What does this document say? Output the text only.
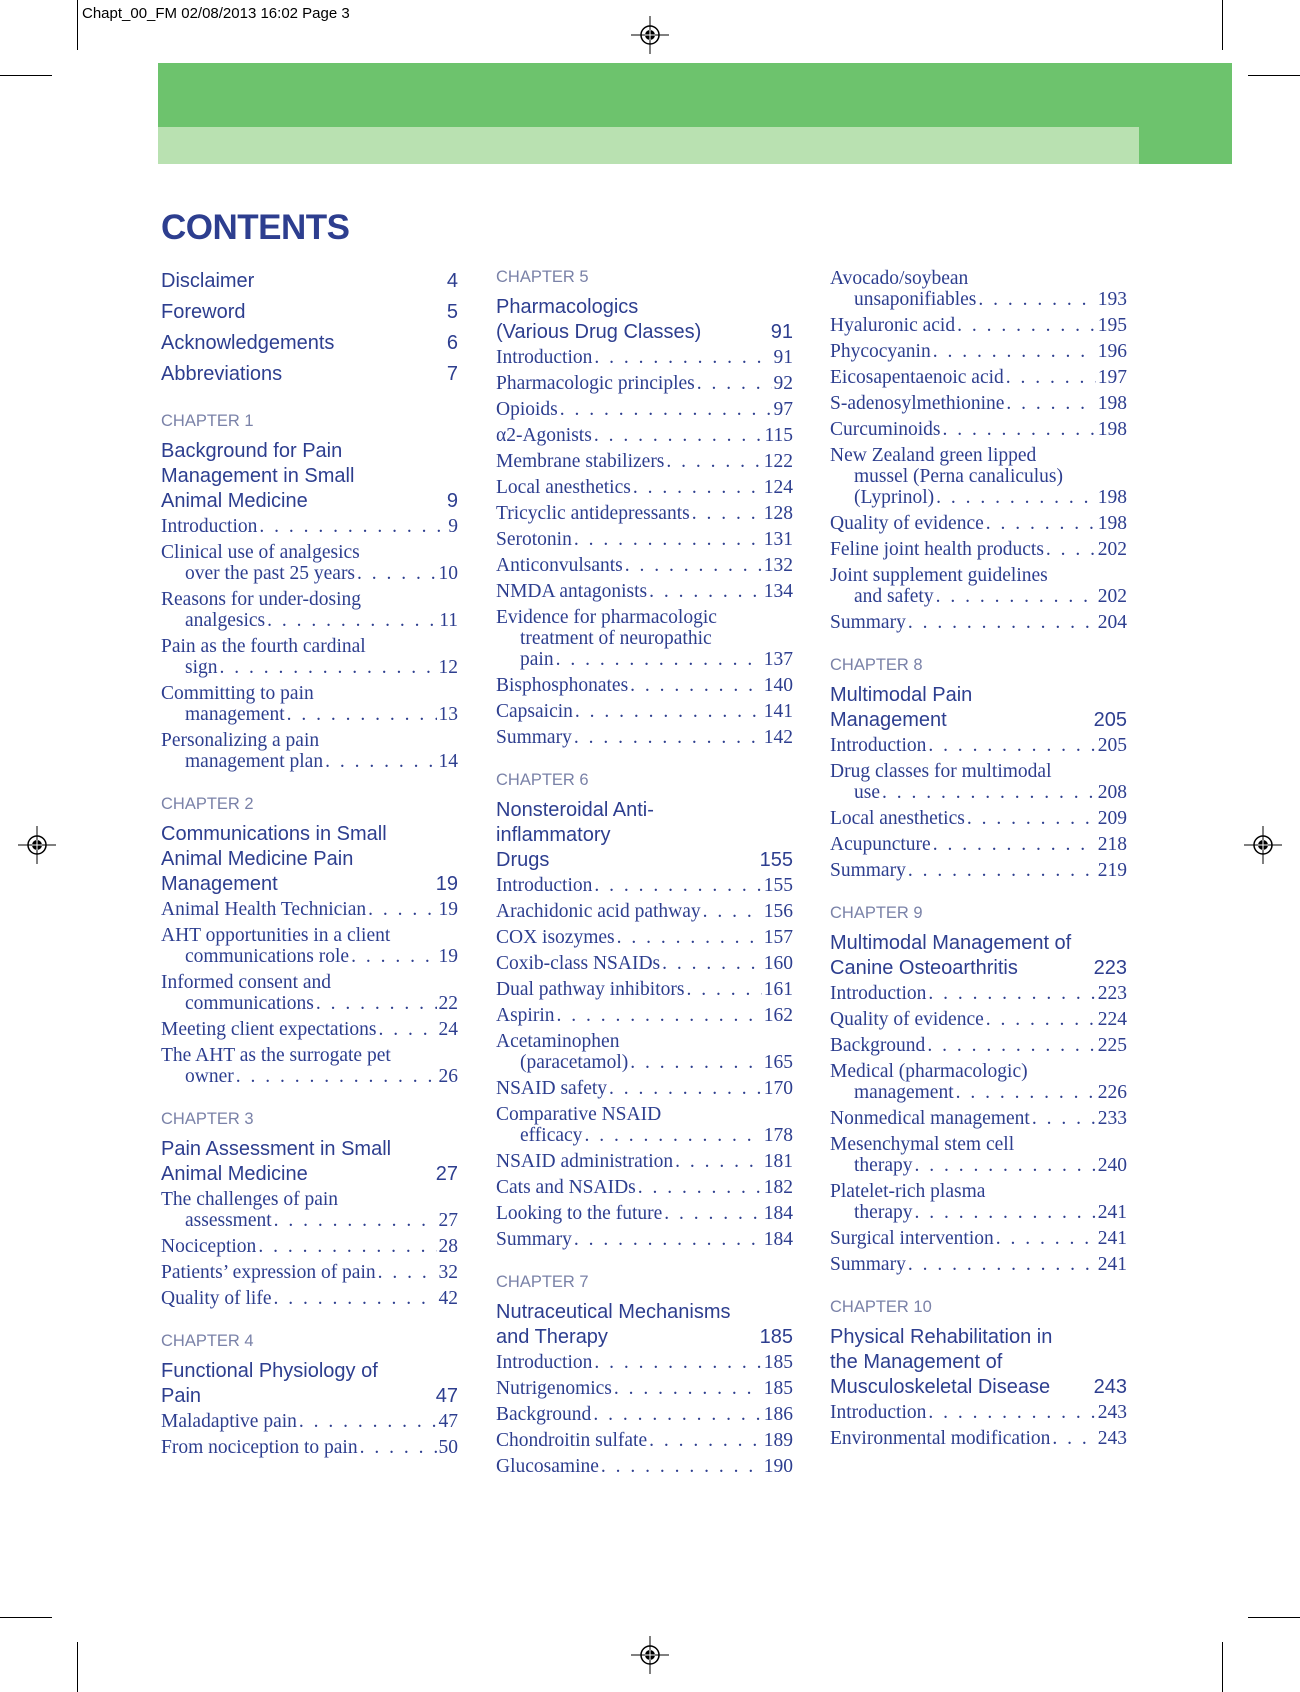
Chapt_00_FM 02/08/2013 16:02 Page 3
CONTENTS
Disclaimer	4
Foreword	5
Acknowledgements	6
Abbreviations	7
CHAPTER 1
Background for Pain
Management in Small
Animal Medicine	9
Introduction . . .	9
Clinical use of analgesics
over the past 25 years . . .	10
Reasons for under-dosing
analgesics . . .	11
Pain as the fourth cardinal
sign . . .	12
Committing to pain
management . . .	13
Personalizing a pain
management plan . . .	14
CHAPTER 2
Communications in Small
Animal Medicine Pain
Management	19
Animal Health Technician . . .	19
AHT opportunities in a client
communications role . . .	19
Informed consent and
communications . . .	22
Meeting client expectations . . .	24
The AHT as the surrogate pet
owner . . .	26
CHAPTER 3
Pain Assessment in Small
Animal Medicine	27
The challenges of pain
assessment . . .	27
Nociception . . .	28
Patients’ expression of pain . . .	32
Quality of life . . .	42
CHAPTER 4
Functional Physiology of
Pain	47
Maladaptive pain . . .	47
From nociception to pain . . .	50
CHAPTER 5
Pharmacologics
(Various Drug Classes)	91
Introduction . . .	91
Pharmacologic principles . . .	92
Opioids . . .	97
α2-Agonists . . .	115
Membrane stabilizers . . .	122
Local anesthetics . . .	124
Tricyclic antidepressants . . .	128
Serotonin . . .	131
Anticonvulsants . . .	132
NMDA antagonists . . .	134
Evidence for pharmacologic
treatment of neuropathic
pain . . .	137
Bisphosphonates . . .	140
Capsaicin . . .	141
Summary . . .	142
CHAPTER 6
Nonsteroidal Anti-inflammatory
Drugs	155
Introduction . . .	155
Arachidonic acid pathway . . .	156
COX isozymes . . .	157
Coxib-class NSAIDs . . .	160
Dual pathway inhibitors . . .	161
Aspirin . . .	162
Acetaminophen
(paracetamol) . . .	165
NSAID safety . . .	170
Comparative NSAID
efficacy . . .	178
NSAID administration . . .	181
Cats and NSAIDs . . .	182
Looking to the future . . .	184
Summary . . .	184
CHAPTER 7
Nutraceutical Mechanisms
and Therapy	185
Introduction . . .	185
Nutrigenomics . . .	185
Background . . .	186
Chondroitin sulfate . . .	189
Glucosamine . . .	190
Avocado/soybean
unsaponifiables . . .	193
Hyaluronic acid . . .	195
Phycocyanin . . .	196
Eicosapentaenoic acid . . .	197
S-adenosylmethionine . . .	198
Curcuminoids . . .	198
New Zealand green lipped
mussel (Perna canaliculus)
(Lyprinol) . . .	198
Quality of evidence . . .	198
Feline joint health products . . .	202
Joint supplement guidelines
and safety . . .	202
Summary . . .	204
CHAPTER 8
Multimodal Pain
Management	205
Introduction . . .	205
Drug classes for multimodal
use . . .	208
Local anesthetics . . .	209
Acupuncture . . .	218
Summary . . .	219
CHAPTER 9
Multimodal Management of
Canine Osteoarthritis	223
Introduction . . .	223
Quality of evidence . . .	224
Background . . .	225
Medical (pharmacologic)
management . . .	226
Nonmedical management . . .	233
Mesenchymal stem cell
therapy . . .	240
Platelet-rich plasma
therapy . . .	241
Surgical intervention . . .	241
Summary . . .	241
CHAPTER 10
Physical Rehabilitation in
the Management of
Musculoskeletal Disease	243
Introduction . . .	243
Environmental modification . . . 243
